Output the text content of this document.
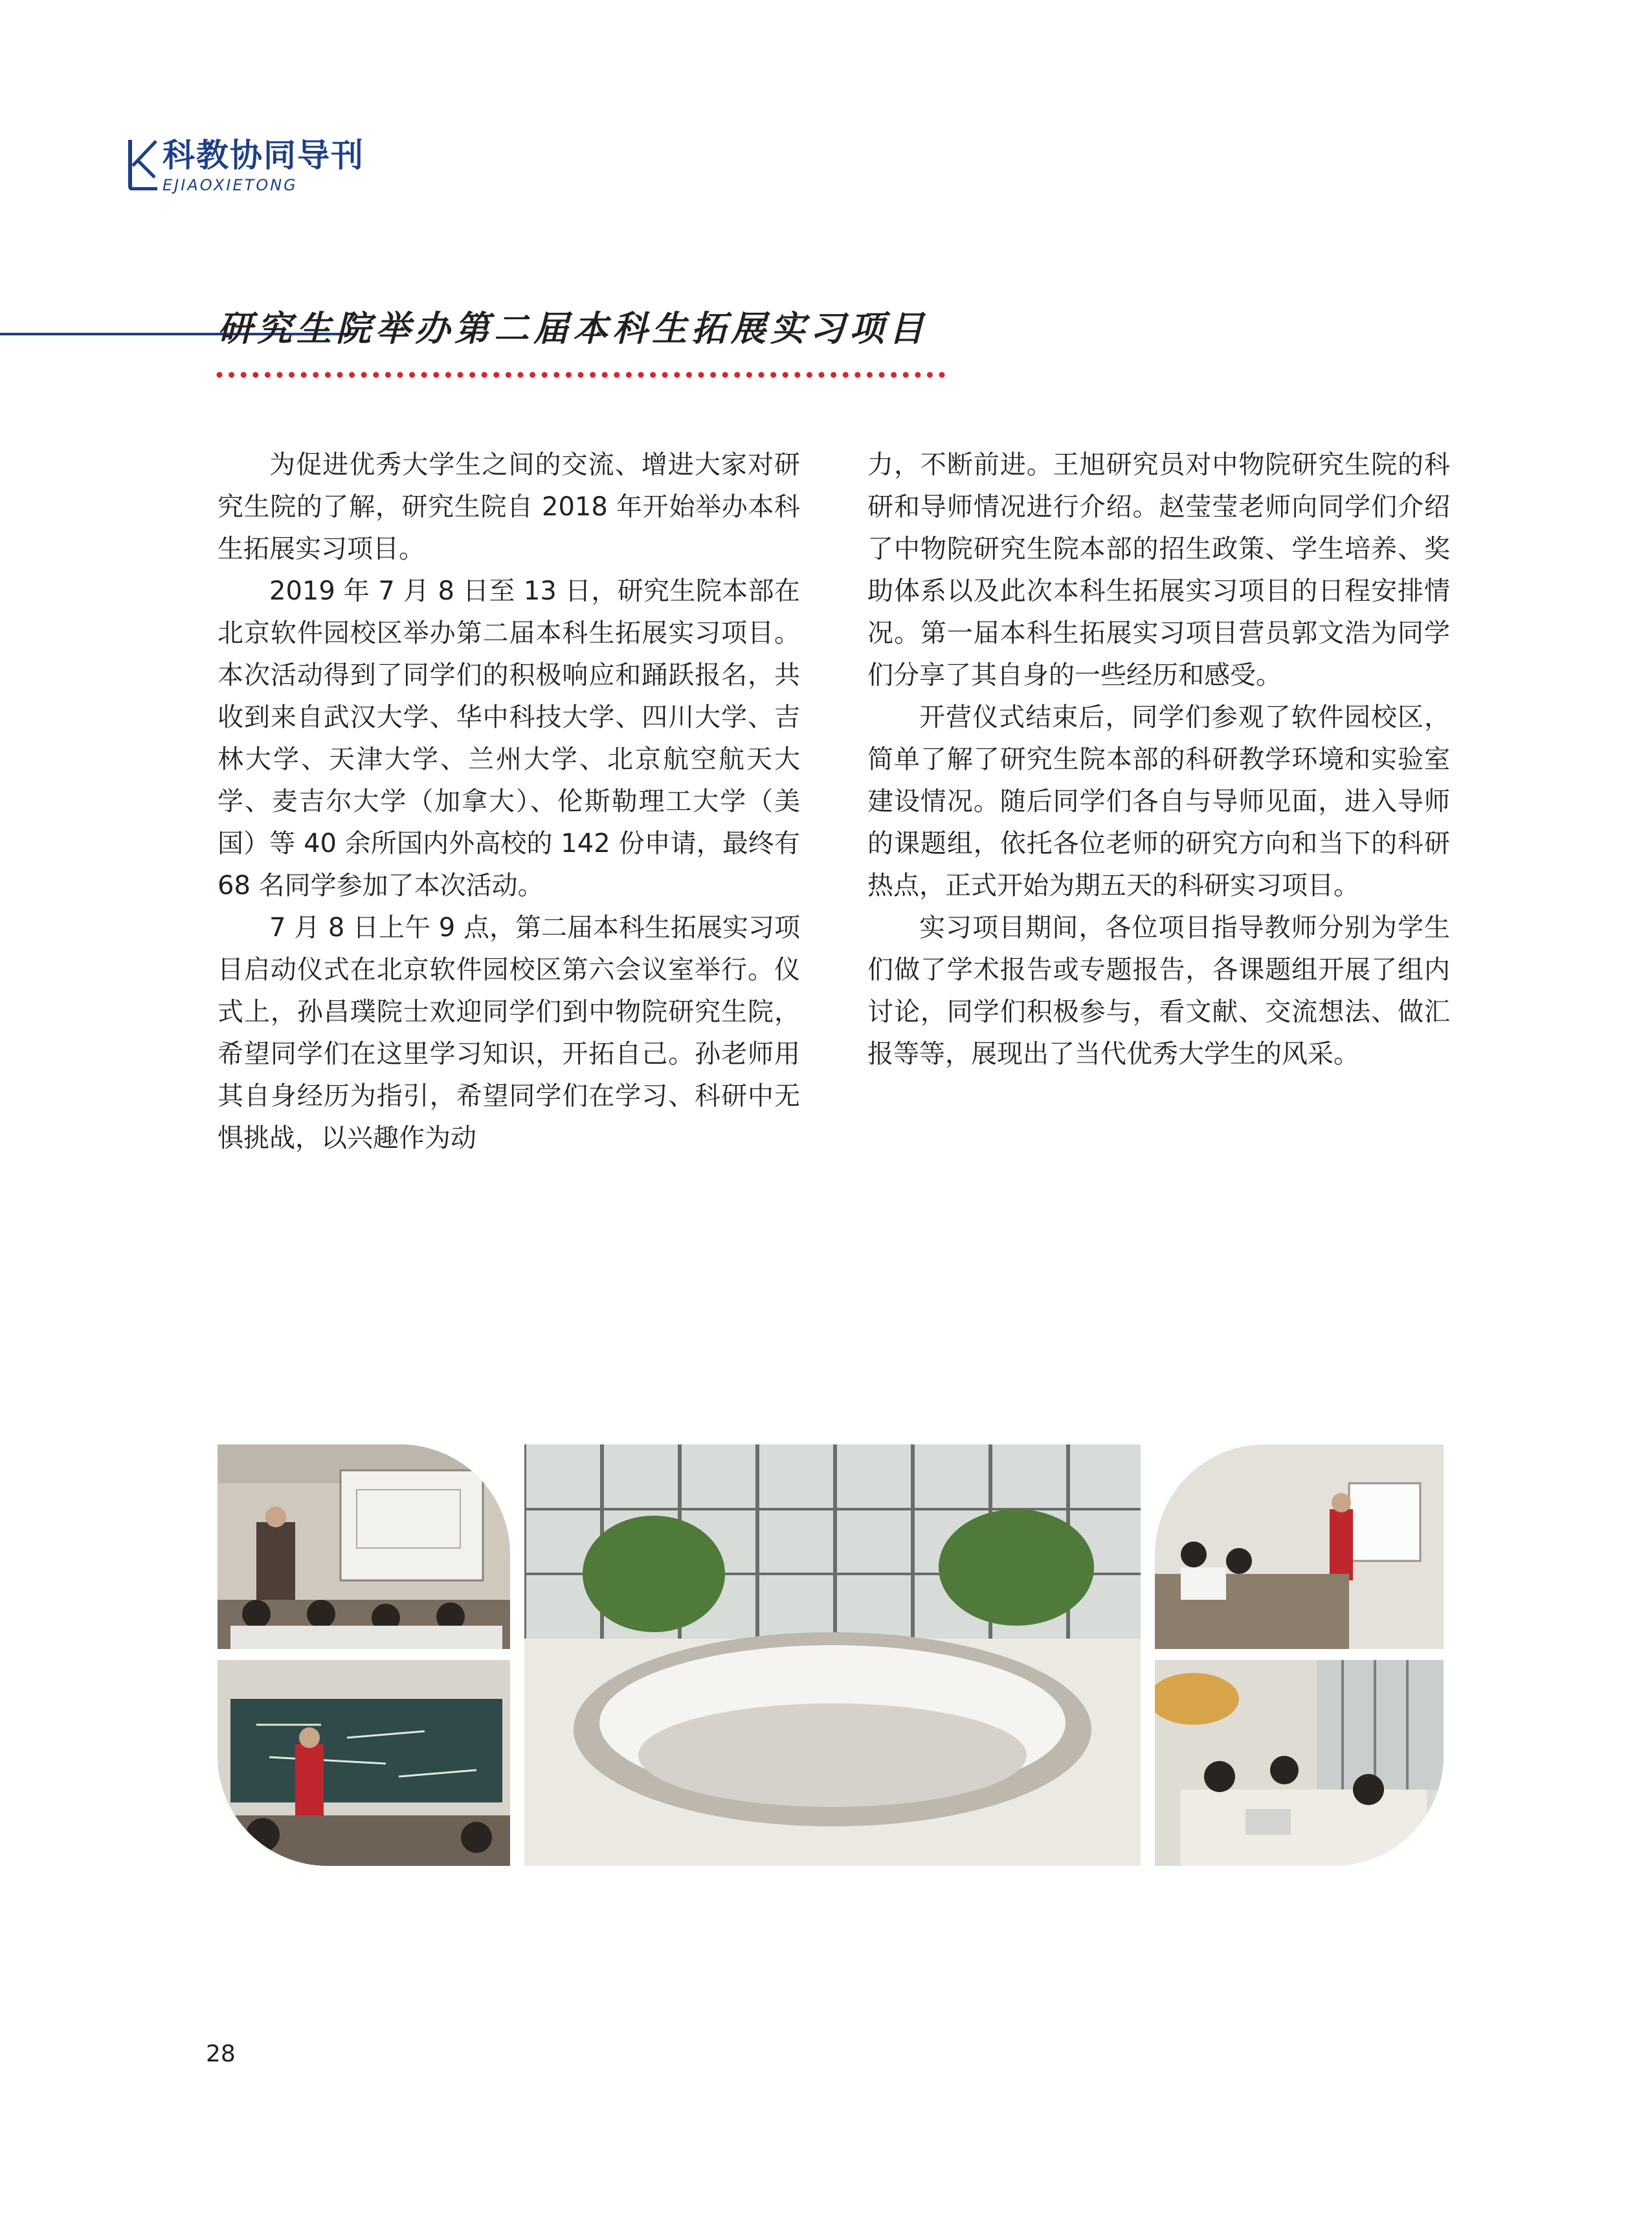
科教协同导刊
EJIAOXIETONG
研究生院举办第二届本科生拓展实习项目

为促进优秀大学生之间的交流、增进大家对研究生院的了解，研究生院自 2018 年开始举办本科生拓展实习项目。

2019 年 7 月 8 日至 13 日，研究生院本部在北京软件园校区举办第二届本科生拓展实习项目。本次活动得到了同学们的积极响应和踊跃报名，共收到来自武汉大学、华中科技大学、四川大学、吉林大学、天津大学、兰州大学、北京航空航天大学、麦吉尔大学（加拿大）、伦斯勒理工大学（美国）等 40 余所国内外高校的 142 份申请，最终有 68 名同学参加了本次活动。

7 月 8 日上午 9 点，第二届本科生拓展实习项目启动仪式在北京软件园校区第六会议室举行。仪式上，孙昌璞院士欢迎同学们到中物院研究生院，希望同学们在这里学习知识，开拓自己。孙老师用其自身经历为指引，希望同学们在学习、科研中无惧挑战，以兴趣作为动

力，不断前进。王旭研究员对中物院研究生院的科研和导师情况进行介绍。赵莹莹老师向同学们介绍了中物院研究生院本部的招生政策、学生培养、奖助体系以及此次本科生拓展实习项目的日程安排情况。第一届本科生拓展实习项目营员郭文浩为同学们分享了其自身的一些经历和感受。

开营仪式结束后，同学们参观了软件园校区，简单了解了研究生院本部的科研教学环境和实验室建设情况。随后同学们各自与导师见面，进入导师的课题组，依托各位老师的研究方向和当下的科研热点，正式开始为期五天的科研实习项目。

实习项目期间，各位项目指导教师分别为学生们做了学术报告或专题报告，各课题组开展了组内讨论，同学们积极参与，看文献、交流想法、做汇报等等，展现出了当代优秀大学生的风采。

28
